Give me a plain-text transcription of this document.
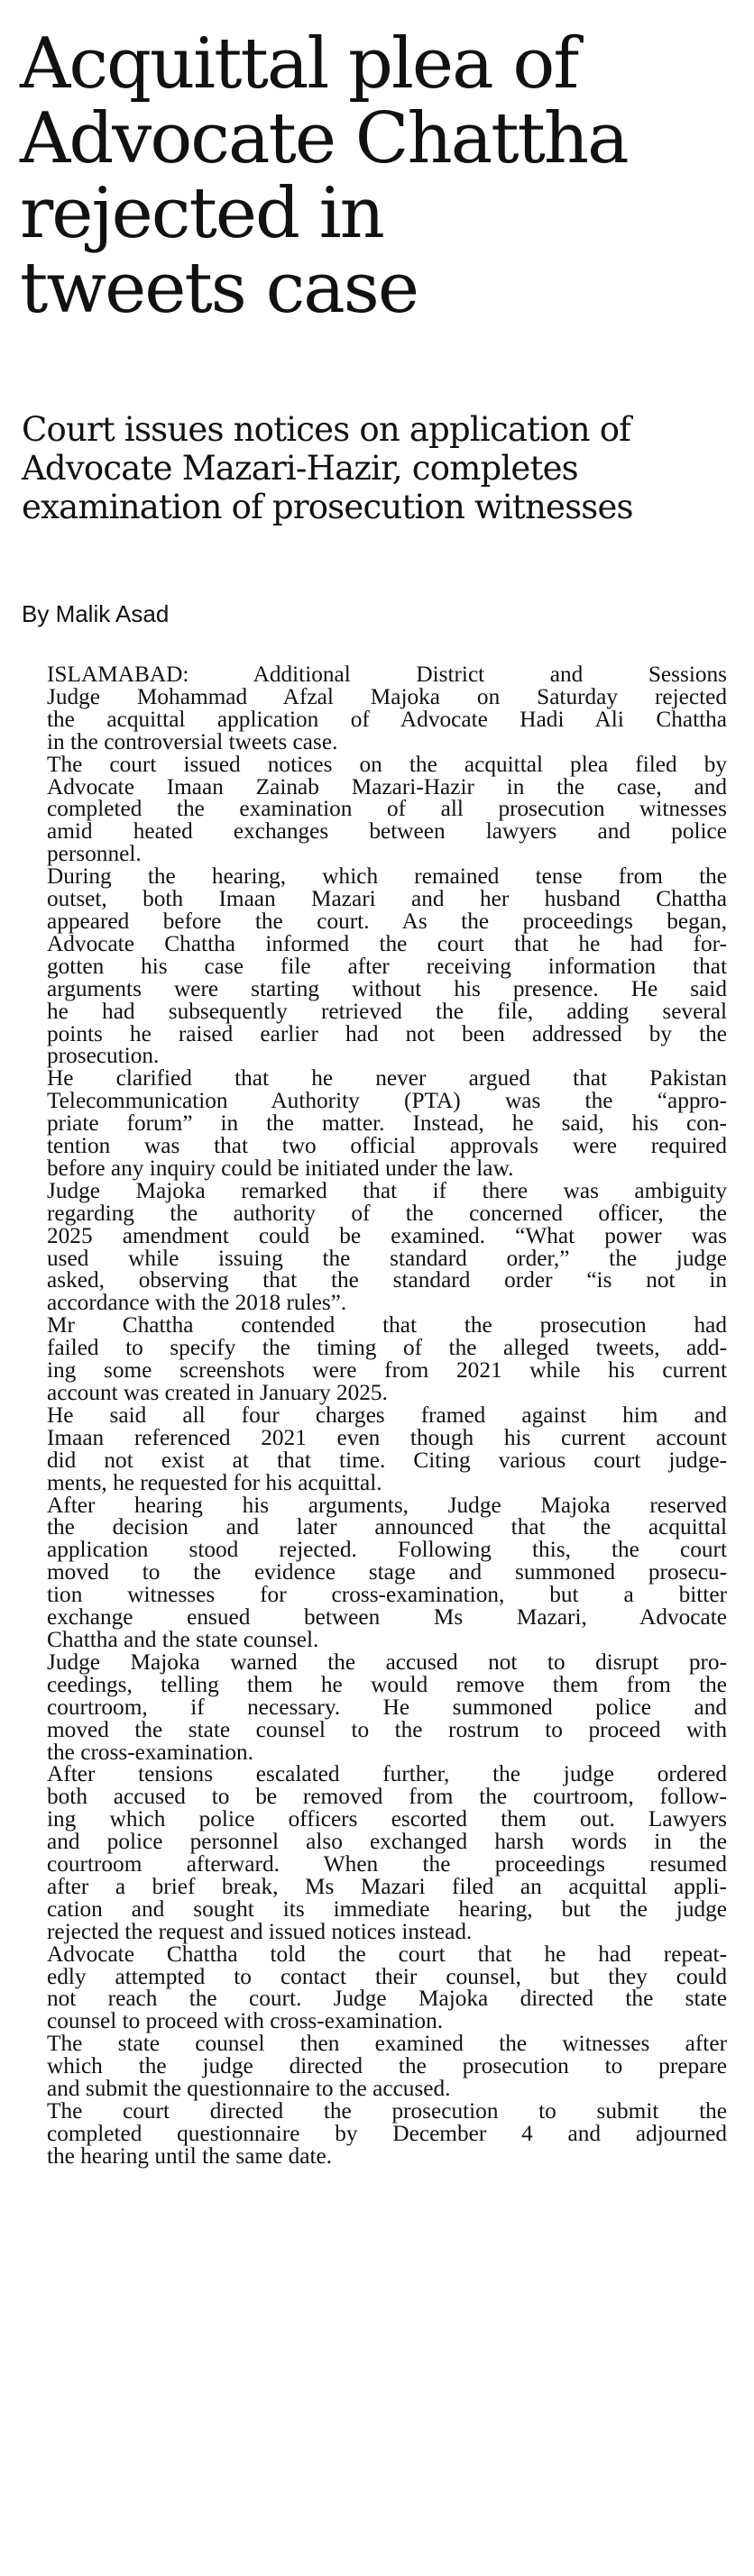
Acquittal plea of
Advocate Chattha
rejected in
tweets case
Court issues notices on application of
Advocate Mazari-Hazir, completes
examination of prosecution witnesses

By Malik Asad

ISLAMABAD: Additional District and Sessions
Judge Mohammad Afzal Majoka on Saturday rejected
the acquittal application of Advocate Hadi Ali Chattha
in the controversial tweets case.

The court issued notices on the acquittal plea filed by
Advocate Imaan Zainab Mazari-Hazir in the case, and
completed the examination of all prosecution witnesses
amid heated exchanges between lawyers and police
personnel.

During the hearing, which remained tense from the
outset, both Imaan Mazari and her husband Chattha
appeared before the court. As the proceedings began,
Advocate Chattha informed the court that he had for-
gotten his case file after receiving information that
arguments were starting without his presence. He said
he had subsequently retrieved the file, adding several
points he raised earlier had not been addressed by the
prosecution.

He clarified that he never argued that Pakistan
Telecommunication Authority (PTA) was the “appro-
priate forum” in the matter. Instead, he said, his con-
tention was that two official approvals were required
before any inquiry could be initiated under the law.

Judge Majoka remarked that if there was ambiguity
regarding the authority of the concerned officer, the
2025 amendment could be examined. “What power was
used while issuing the standard order,” the judge
asked, observing that the standard order “is not in
accordance with the 2018 rules”.

Mr Chattha contended that the prosecution had
failed to specify the timing of the alleged tweets, add-
ing some screenshots were from 2021 while his current
account was created in January 2025.

He said all four charges framed against him and
Imaan referenced 2021 even though his current account
did not exist at that time. Citing various court judge-
ments, he requested for his acquittal.

After hearing his arguments, Judge Majoka reserved
the decision and later announced that the acquittal
application stood rejected. Following this, the court
moved to the evidence stage and summoned prosecu-
tion witnesses for cross-examination, but a bitter
exchange ensued between Ms Mazari, Advocate
Chattha and the state counsel.

Judge Majoka warned the accused not to disrupt pro-
ceedings, telling them he would remove them from the
courtroom, if necessary. He summoned police and
moved the state counsel to the rostrum to proceed with
the cross-examination.

After tensions escalated further, the judge ordered
both accused to be removed from the courtroom, follow-
ing which police officers escorted them out. Lawyers
and police personnel also exchanged harsh words in the
courtroom afterward. When the proceedings resumed
after a brief break, Ms Mazari filed an acquittal appli-
cation and sought its immediate hearing, but the judge
rejected the request and issued notices instead.

Advocate Chattha told the court that he had repeat-
edly attempted to contact their counsel, but they could
not reach the court. Judge Majoka directed the state
counsel to proceed with cross-examination.

The state counsel then examined the witnesses after
which the judge directed the prosecution to prepare
and submit the questionnaire to the accused.

The court directed the prosecution to submit the
completed questionnaire by December 4 and adjourned
the hearing until the same date.
